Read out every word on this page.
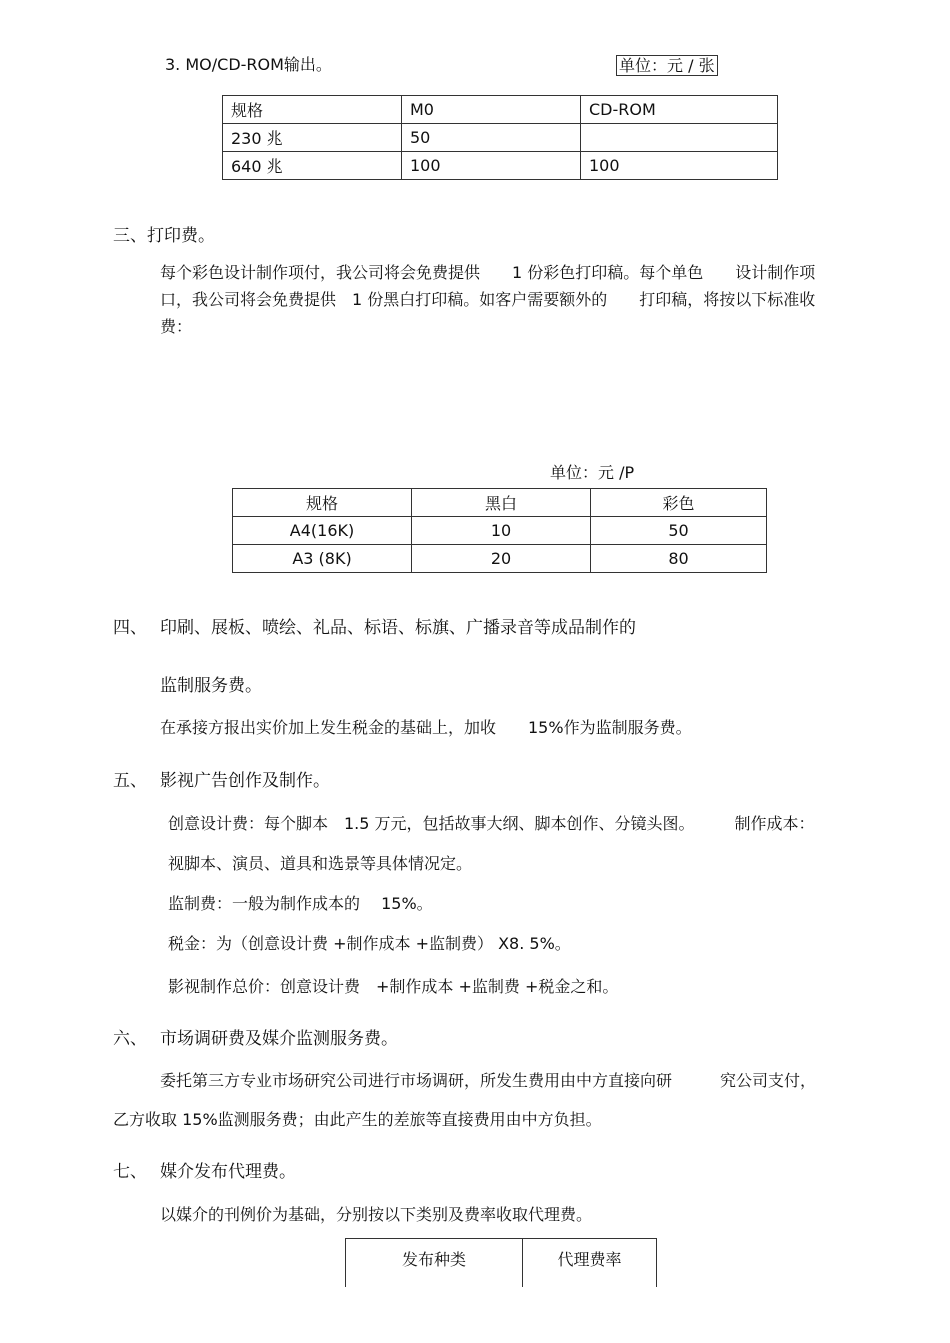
3. MO/CD-ROM输出。	单位：元 / 张
规格	M0	CD-ROM
230 兆	50	
640 兆	100	100
三、打印费。
每个彩色设计制作项付，我公司将会免费提供　　1 份彩色打印稿。每个单色　　设计制作项
口，我公司将会免费提供　1 份黑白打印稿。如客户需要额外的　　打印稿，将按以下标准收
费：
单位：元 /P
规格	黑白	彩色
A4(16K)	10	50
A3 (8K)	20	80
四、 印刷、展板、喷绘、礼品、标语、标旗、广播录音等成品制作的
监制服务费。
在承接方报出实价加上发生税金的基础上，加收　　15%作为监制服务费。
五、 影视广告创作及制作。
创意设计费：每个脚本　1.5 万元，包括故事大纲、脚本创作、分镜头图。　　　制作成本：
视脚本、演员、道具和选景等具体情况定。
监制费：一般为制作成本的　 15%。
税金：为（创意设计费 +制作成本 +监制费） X8. 5%。
影视制作总价：创意设计费　+制作成本 +监制费 +税金之和。
六、 市场调研费及媒介监测服务费。
委托第三方专业市场研究公司进行市场调研，所发生费用由中方直接向研　　　究公司支付，
乙方收取 15%监测服务费；由此产生的差旅等直接费用由中方负担。
七、 媒介发布代理费。
以媒介的刊例价为基础，分别按以下类别及费率收取代理费。
发布种类	代理费率
